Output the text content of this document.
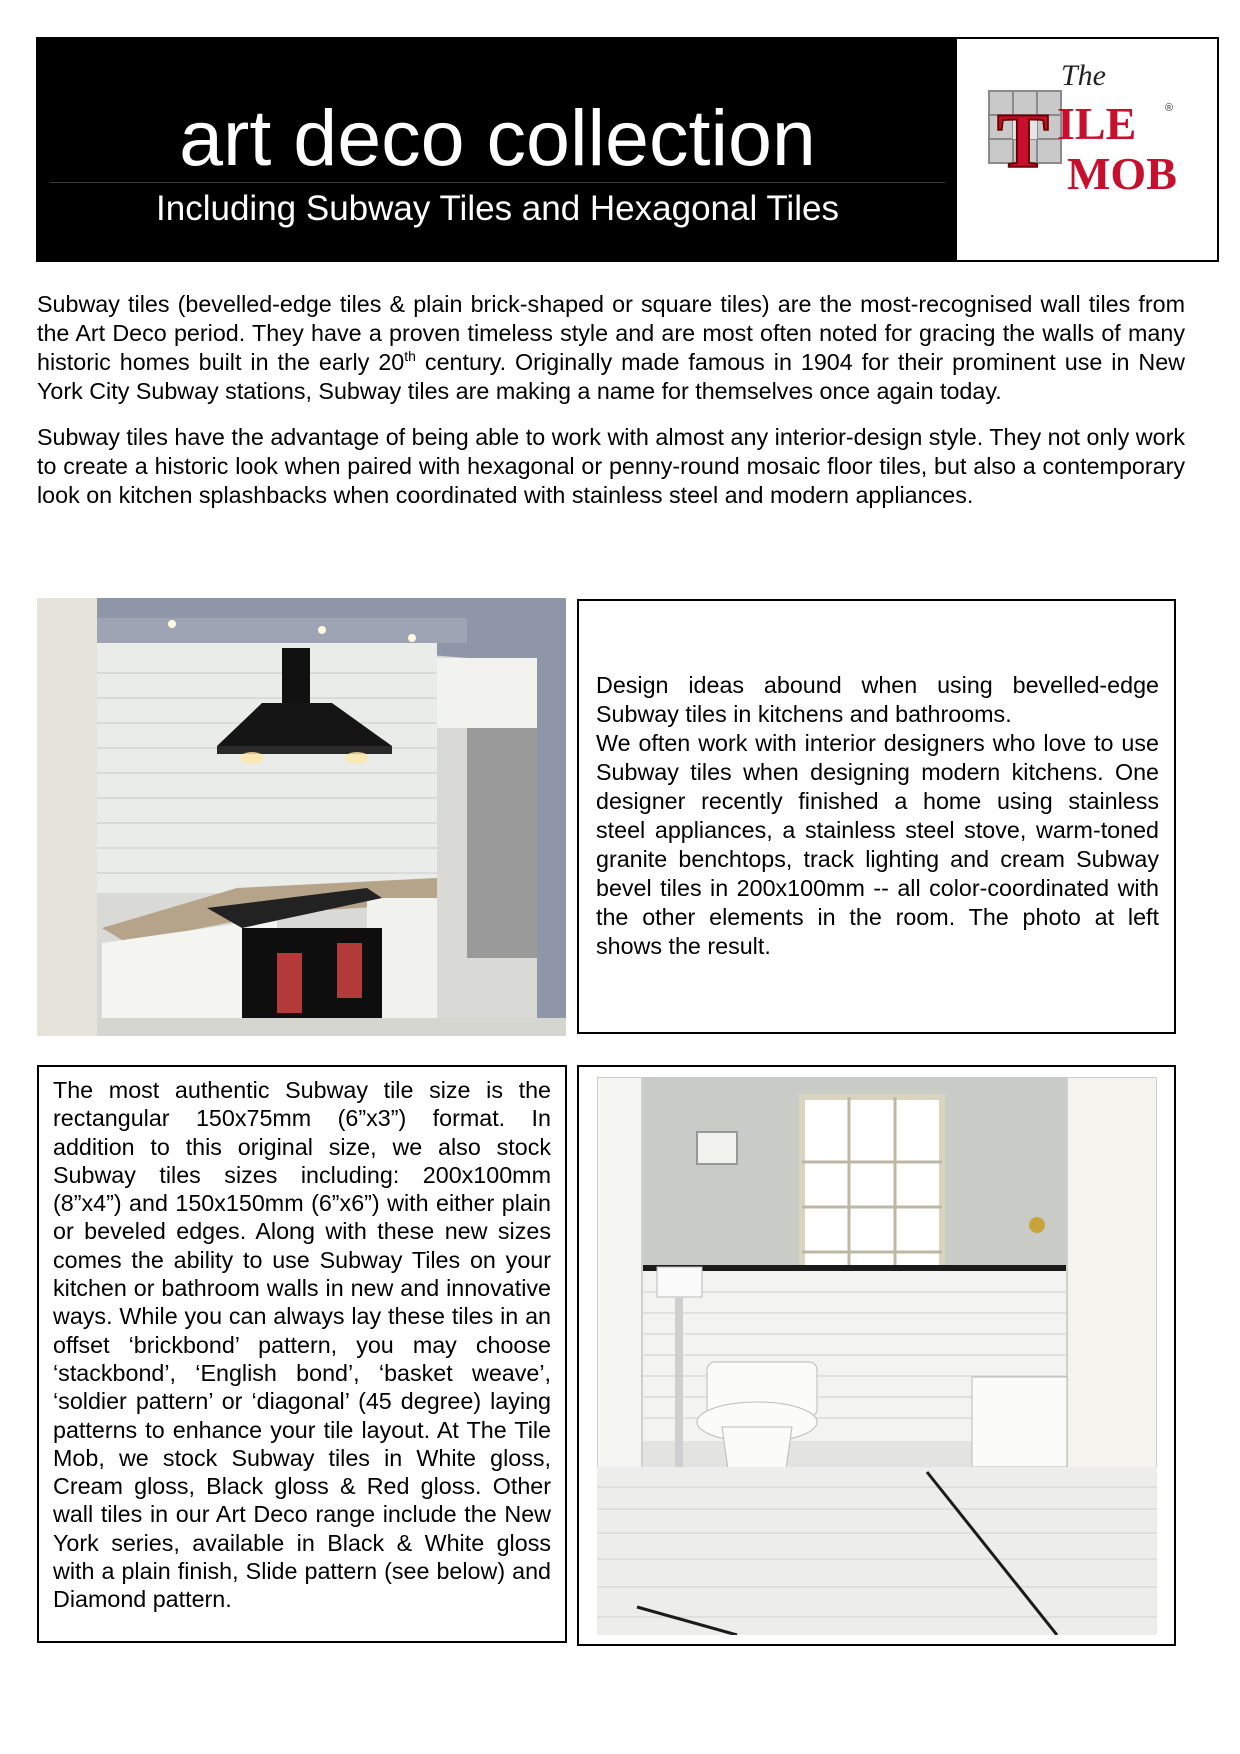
art deco collection
Including Subway Tiles and Hexagonal Tiles
The
T ILE	®
MOB

Subway tiles (bevelled-edge tiles & plain brick-shaped or square tiles) are the most-recognised wall tiles from the Art Deco period. They have a proven timeless style and are most often noted for gracing the walls of many historic homes built in the early 20th century. Originally made famous in 1904 for their prominent use in New York City Subway stations, Subway tiles are making a name for themselves once again today.

Subway tiles have the advantage of being able to work with almost any interior-design style. They not only work to create a historic look when paired with hexagonal or penny-round mosaic floor tiles, but also a contemporary look on kitchen splashbacks when coordinated with stainless steel and modern appliances.

Design ideas abound when using bevelled-edge Subway tiles in kitchens and bathrooms.

We often work with interior designers who love to use Subway tiles when designing modern kitchens. One designer recently finished a home using stainless steel appliances, a stainless steel stove, warm-toned granite benchtops, track lighting and cream Subway bevel tiles in 200x100mm -- all color-coordinated with the other elements in the room. The photo at left shows the result.

The most authentic Subway tile size is the rectangular 150x75mm (6”x3”) format. In addition to this original size, we also stock Subway tiles sizes including: 200x100mm (8”x4”) and 150x150mm (6”x6”) with either plain or beveled edges. Along with these new sizes comes the ability to use Subway Tiles on your kitchen or bathroom walls in new and innovative ways. While you can always lay these tiles in an offset ‘brickbond’ pattern, you may choose ‘stackbond’, ‘English bond’, ‘basket weave’, ‘soldier pattern’ or ‘diagonal’ (45 degree) laying patterns to enhance your tile layout. At The Tile Mob, we stock Subway tiles in White gloss, Cream gloss, Black gloss & Red gloss. Other wall tiles in our Art Deco range include the New York series, available in Black & White gloss with a plain finish, Slide pattern (see below) and Diamond pattern.
